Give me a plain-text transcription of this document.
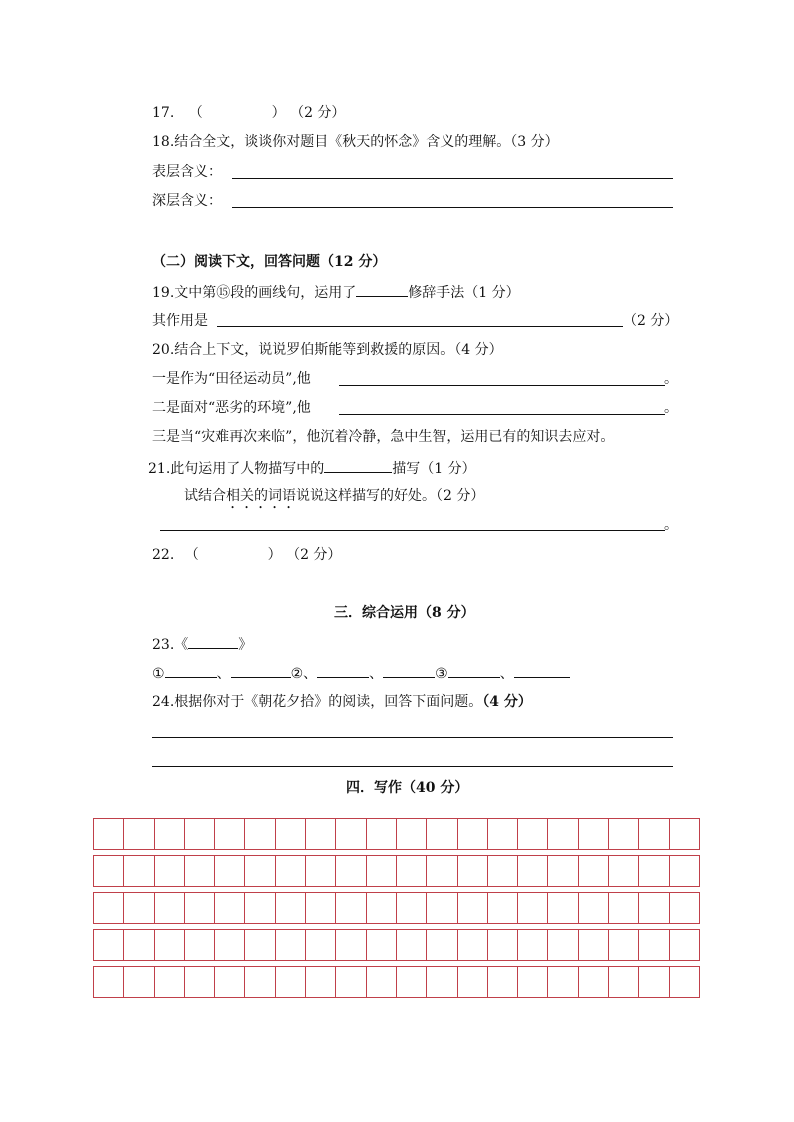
17. （	） （2 分）
18.结合全文，谈谈你对题目《秋天的怀念》含义的理解。（3 分）
表层含义：
深层含义：
（二）阅读下文，回答问题（12 分）
19.文中第⑮段的画线句，运用了	修辞手法（1 分）
其作用是	（2 分）
20.结合上下文，说说罗伯斯能等到救援的原因。（4 分）
一是作为“田径运动员”,他	。
二是面对“恶劣的环境”,他	。
三是当“灾难再次来临”，他沉着冷静，急中生智，运用已有的知识去应对。
21.此句运用了人物描写中的	描写（1 分）
试结合相关的词语说说这样描写的好处。（2 分）
。
22. （	） （2 分）
三．综合运用（8 分）
23.《	》
①	、	②、	、	③	、
24.根据你对于《朝花夕拾》的阅读，回答下面问题。（4 分）
四．写作（40 分）
